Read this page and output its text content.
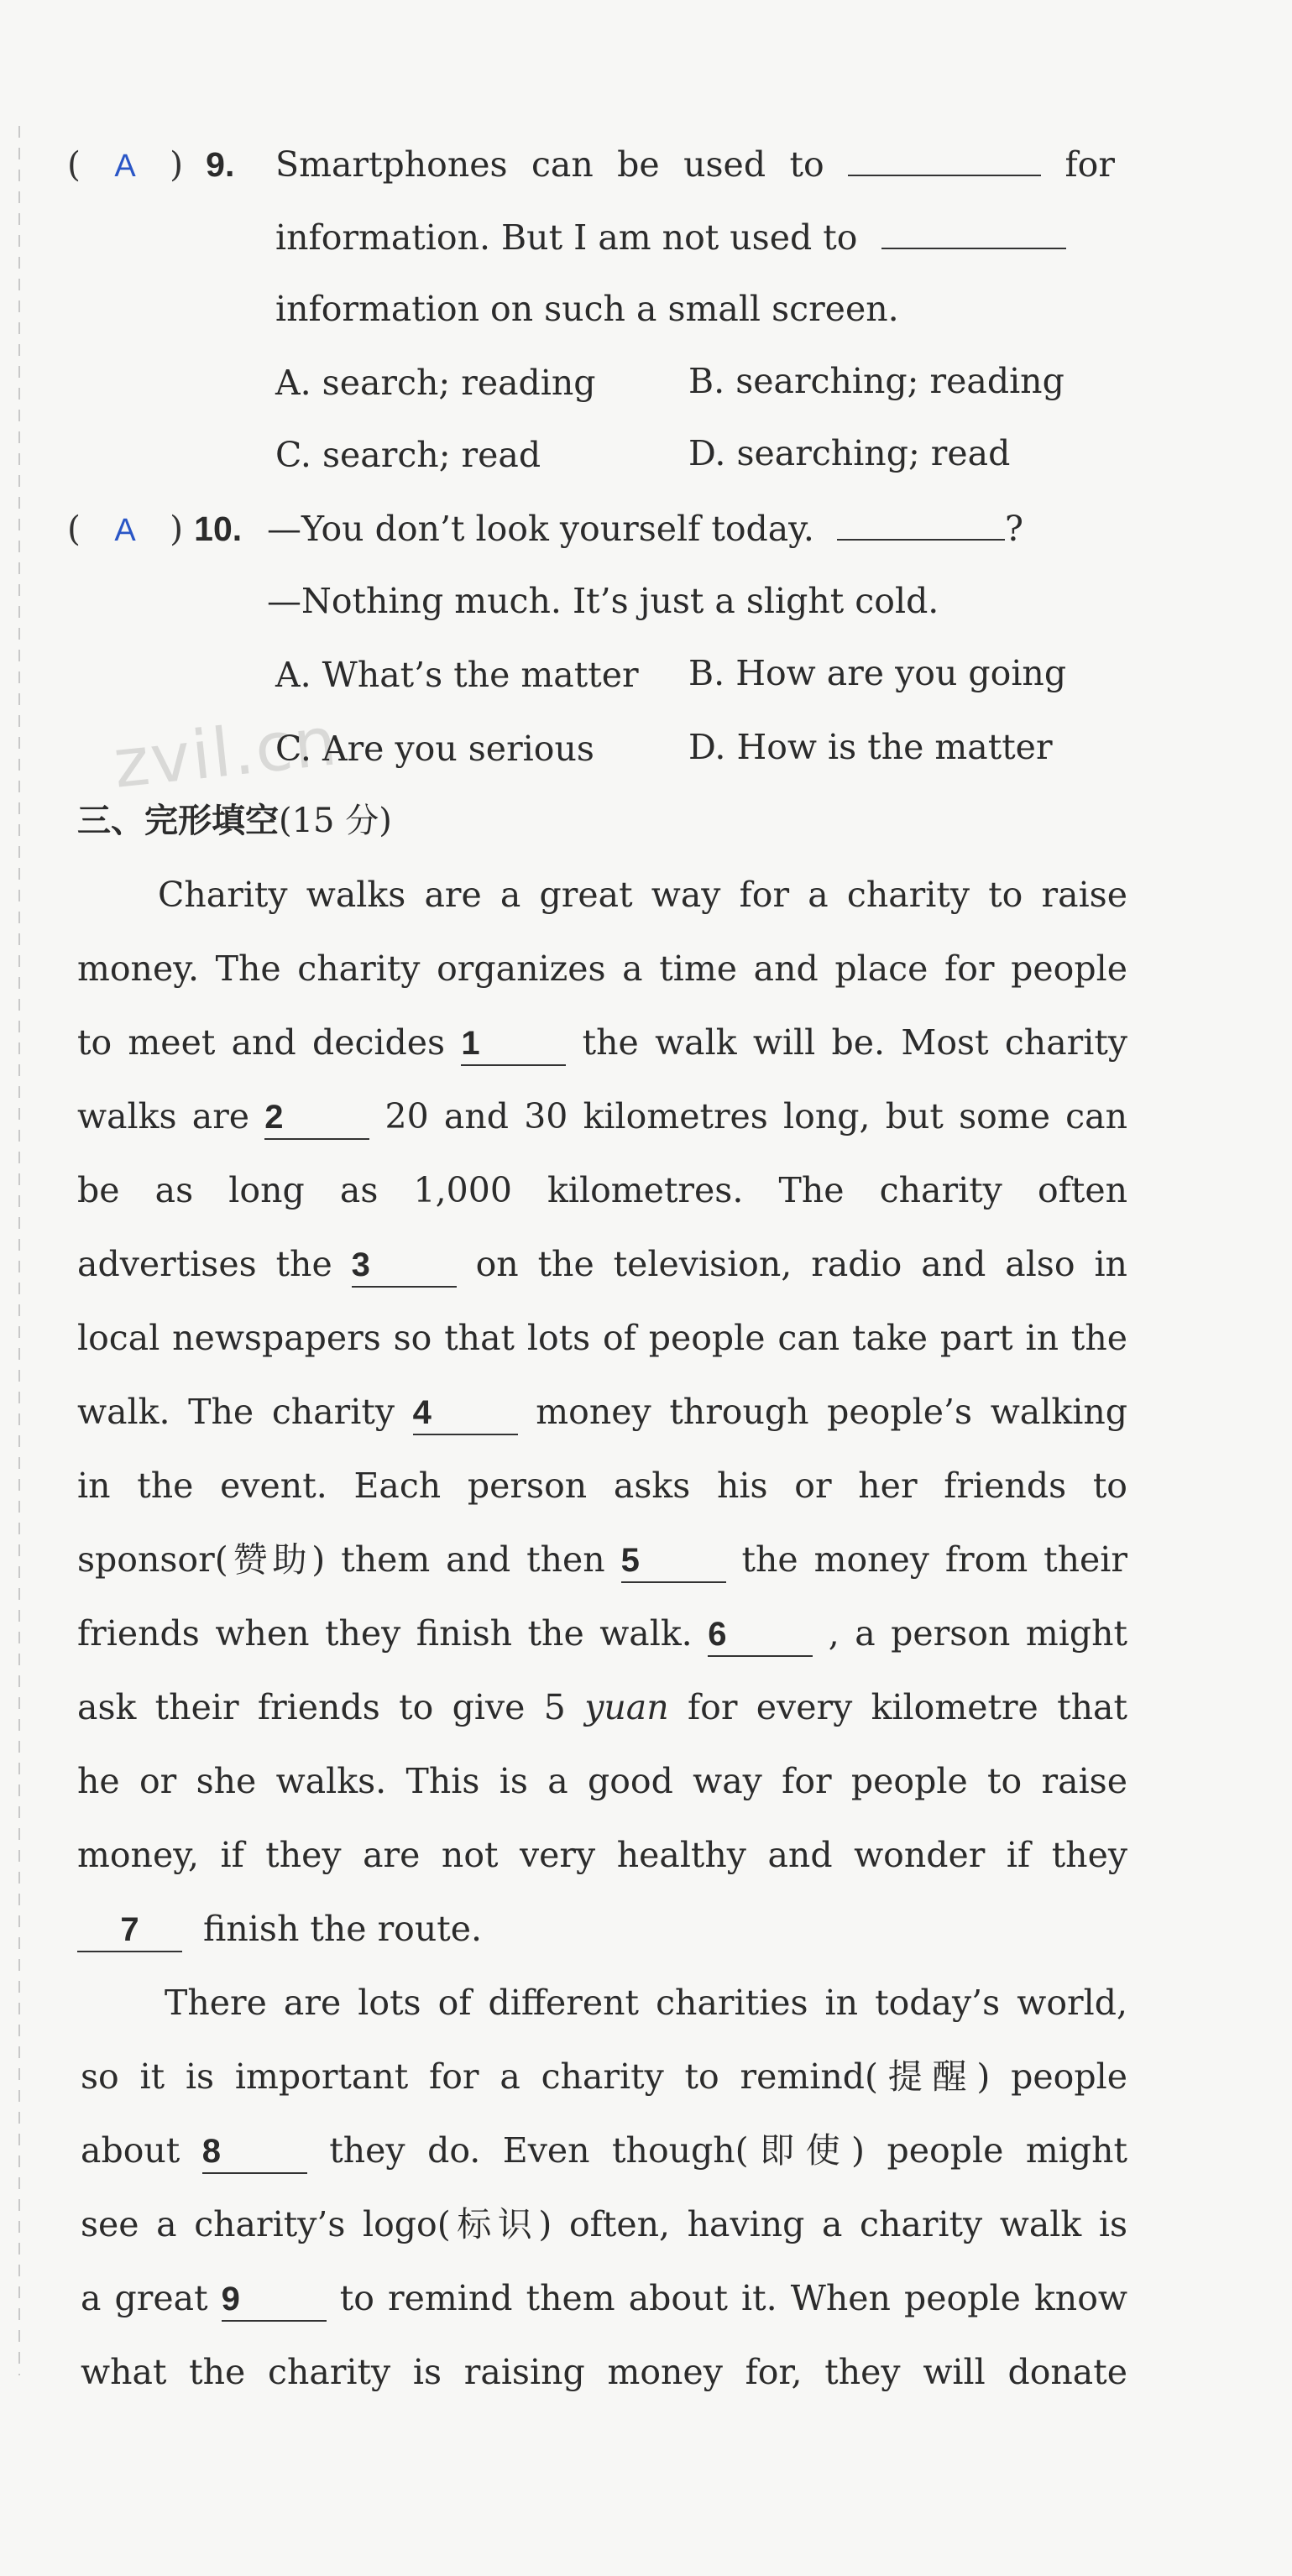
zvil.cn
( A ) 9. Smartphones can be used to	for
information. But I am not used to
information on such a small screen.
A. search; reading	B. searching; reading
C. search; read	D. searching; read
( A ) 10. —You don’t look yourself today.	?
—Nothing much. It’s just a slight cold.
A. What’s the matter B. How are you going
C. Are you serious	D. How is the matter
三、完形填空(15 分)
Charity walks are a great way for a charity to raise
money. The charity organizes a time and place for people
to meet and decides 1	the walk will be. Most charity
walks are 2	20 and 30 kilometres long, but some can
be as long as 1,000 kilometres. The charity often
advertises the 3	on the television, radio and also in
local newspapers so that lots of people can take part in the
walk. The charity 4	money through people’s walking
in the event. Each person asks his or her friends to
sponsor(赞助) them and then 5	the money from their
friends when they finish the walk. 6	, a person might
ask their friends to give 5 yuan for every kilometre that
he or she walks. This is a good way for people to raise
money, if they are not very healthy and wonder if they
7 finish the route.
There are lots of different charities in today’s world,
so it is important for a charity to remind(提醒) people
about 8	they do. Even though(即使) people might
see a charity’s logo(标识) often, having a charity walk is
a great 9	to remind them about it. When people know
what the charity is raising money for, they will donate
